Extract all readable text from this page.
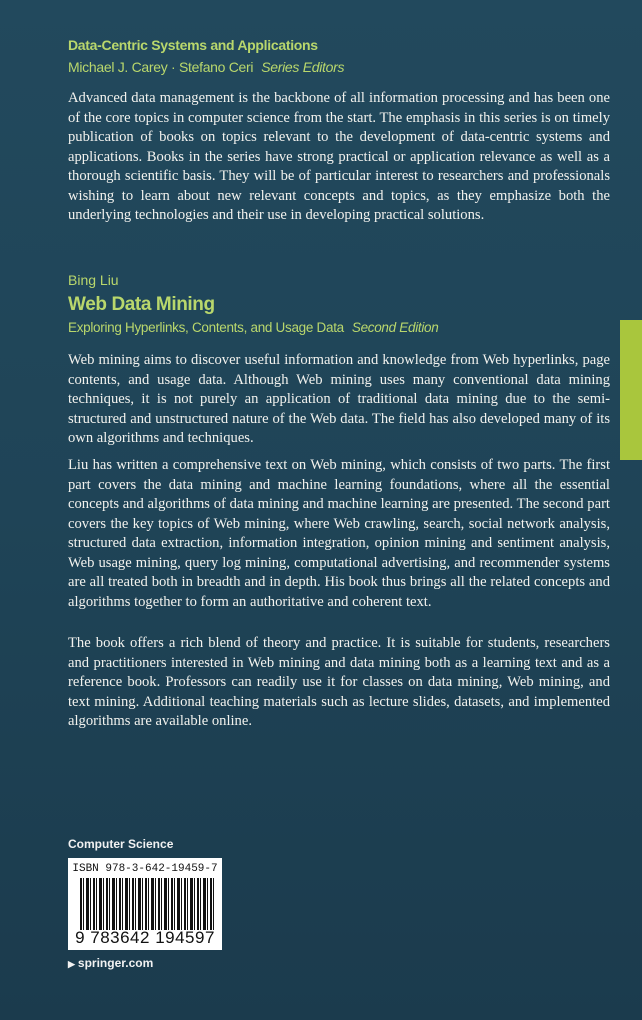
Data-Centric Systems and Applications
Michael J. Carey · Stefano Ceri Series Editors

Advanced data management is the backbone of all information processing and has been one of the core topics in computer science from the start. The emphasis in this series is on timely publication of books on topics relevant to the development of data-centric systems and applications. Books in the series have strong practical or application relevance as well as a thorough scientific basis. They will be of particular interest to researchers and professionals wishing to learn about new relevant concepts and topics, as they emphasize both the underlying technologies and their use in developing practical solutions.

Bing Liu
Web Data Mining
Exploring Hyperlinks, Contents, and Usage Data Second Edition

Web mining aims to discover useful information and knowledge from Web hyperlinks, page contents, and usage data. Although Web mining uses many conventional data mining techniques, it is not purely an application of traditional data mining due to the semi-structured and unstructured nature of the Web data. The field has also developed many of its own algorithms and techniques.

Liu has written a comprehensive text on Web mining, which consists of two parts. The first part covers the data mining and machine learning foundations, where all the essential concepts and algorithms of data mining and machine learning are presented. The second part covers the key topics of Web mining, where Web crawling, search, social network analysis, structured data extraction, information integration, opinion mining and sentiment analysis, Web usage mining, query log mining, computational advertising, and recommender systems are all treated both in breadth and in depth. His book thus brings all the related concepts and algorithms together to form an authoritative and coherent text.

The book offers a rich blend of theory and practice. It is suitable for students, researchers and practitioners interested in Web mining and data mining both as a learning text and as a reference book. Professors can readily use it for classes on data mining, Web mining, and text mining. Additional teaching materials such as lecture slides, datasets, and implemented algorithms are available online.

Computer Science
ISBN 978-3-642-19459-7
9 783642 194597
▶ springer.com
